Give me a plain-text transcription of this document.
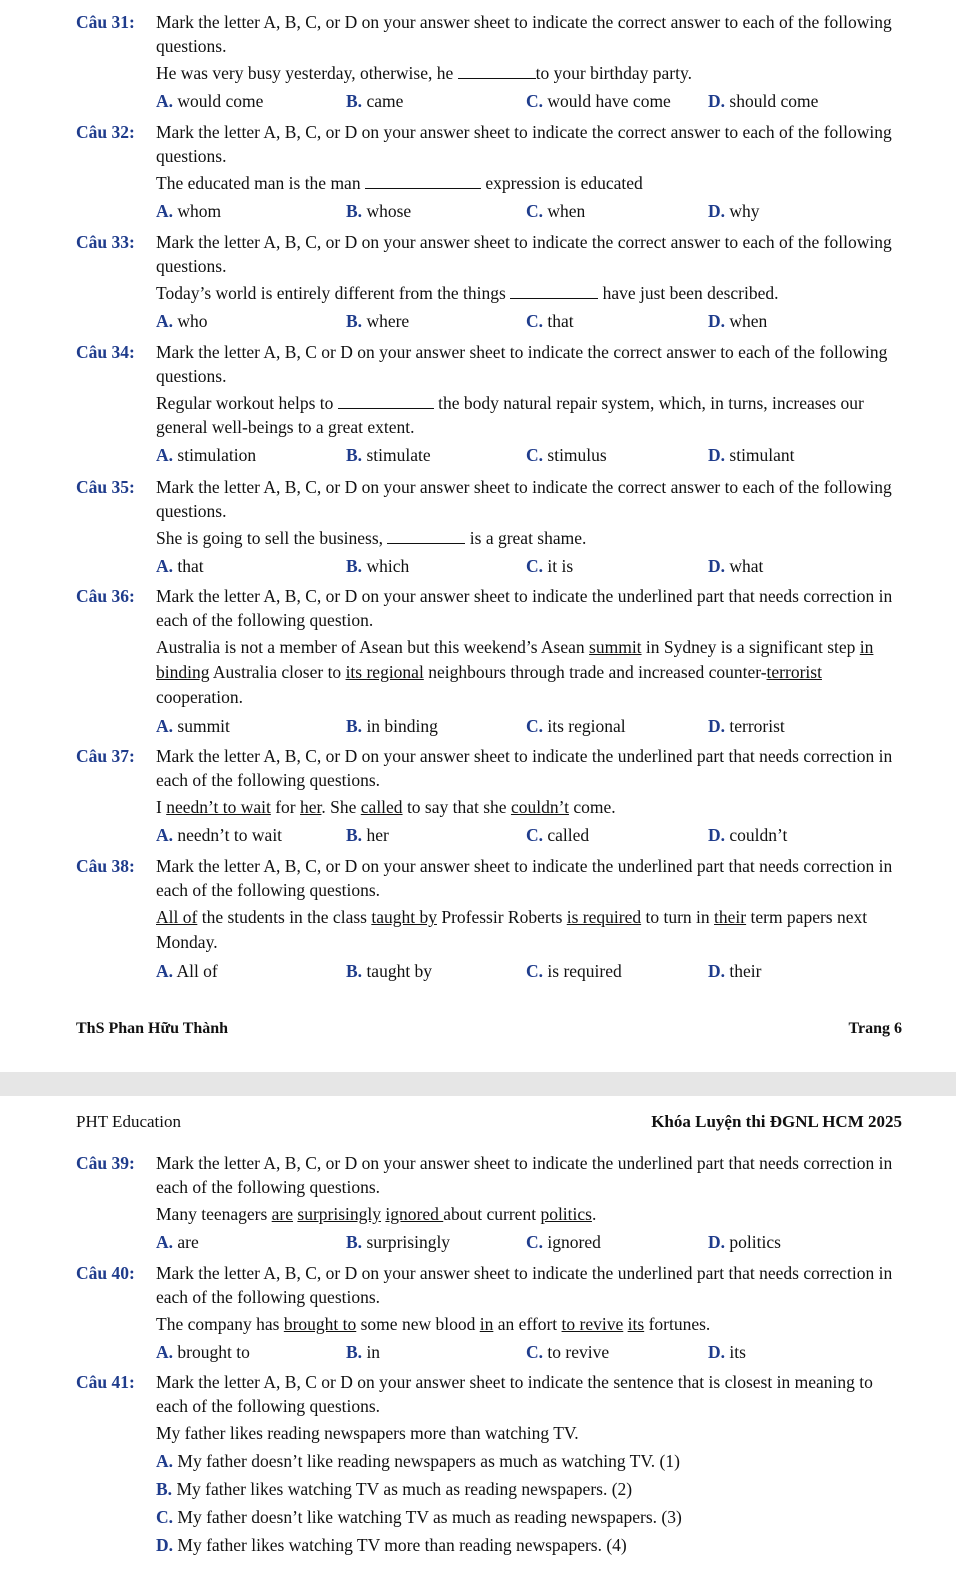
Câu 31: Mark the letter A, B, C, or D on your answer sheet to indicate the correct answer to each of the following questions.
He was very busy yesterday, otherwise, he	to your birthday party.
A. would come	B. came	C. would have come D. should come
Câu 32: Mark the letter A, B, C, or D on your answer sheet to indicate the correct answer to each of the following questions.
The educated man is the man	expression is educated
A. whom	B. whose	C. when	D. why
Câu 33: Mark the letter A, B, C, or D on your answer sheet to indicate the correct answer to each of the following questions.
Today’s world is entirely different from the things	have just been described.
A. who	B. where	C. that	D. when
Câu 34: Mark the letter A, B, C or D on your answer sheet to indicate the correct answer to each of the following questions.
Regular workout helps to	the body natural repair system, which, in turns, increases our general well-beings to a great extent.
A. stimulation	B. stimulate	C. stimulus	D. stimulant
Câu 35: Mark the letter A, B, C, or D on your answer sheet to indicate the correct answer to each of the following questions.
She is going to sell the business,	is a great shame.
A. that	B. which	C. it is	D. what
Câu 36: Mark the letter A, B, C, or D on your answer sheet to indicate the underlined part that needs correction in each of the following question.
Australia is not a member of Asean but this weekend’s Asean summit in Sydney is a significant step in binding Australia closer to its regional neighbours through trade and increased counter-terrorist cooperation.
A. summit	B. in binding	C. its regional	D. terrorist
Câu 37: Mark the letter A, B, C, or D on your answer sheet to indicate the underlined part that needs correction in each of the following questions.
I needn’t to wait for her. She called to say that she couldn’t come.
A. needn’t to wait	B. her	C. called	D. couldn’t
Câu 38: Mark the letter A, B, C, or D on your answer sheet to indicate the underlined part that needs correction in each of the following questions.
All of the students in the class taught by Professir Roberts is required to turn in their term papers next Monday.
A. All of	B. taught by	C. is required	D. their
ThS Phan Hữu Thành	Trang 6
PHT Education	Khóa Luyện thi ĐGNL HCM 2025
Câu 39: Mark the letter A, B, C, or D on your answer sheet to indicate the underlined part that needs correction in each of the following questions.
Many teenagers are surprisingly ignored about current politics.
A. are	B. surprisingly	C. ignored	D. politics
Câu 40: Mark the letter A, B, C, or D on your answer sheet to indicate the underlined part that needs correction in each of the following questions.
The company has brought to some new blood in an effort to revive its fortunes.
A. brought to	B. in	C. to revive	D. its
Câu 41: Mark the letter A, B, C or D on your answer sheet to indicate the sentence that is closest in meaning to each of the following questions.
My father likes reading newspapers more than watching TV.
A. My father doesn’t like reading newspapers as much as watching TV. (1)
B. My father likes watching TV as much as reading newspapers. (2)
C. My father doesn’t like watching TV as much as reading newspapers. (3)
D. My father likes watching TV more than reading newspapers. (4)
